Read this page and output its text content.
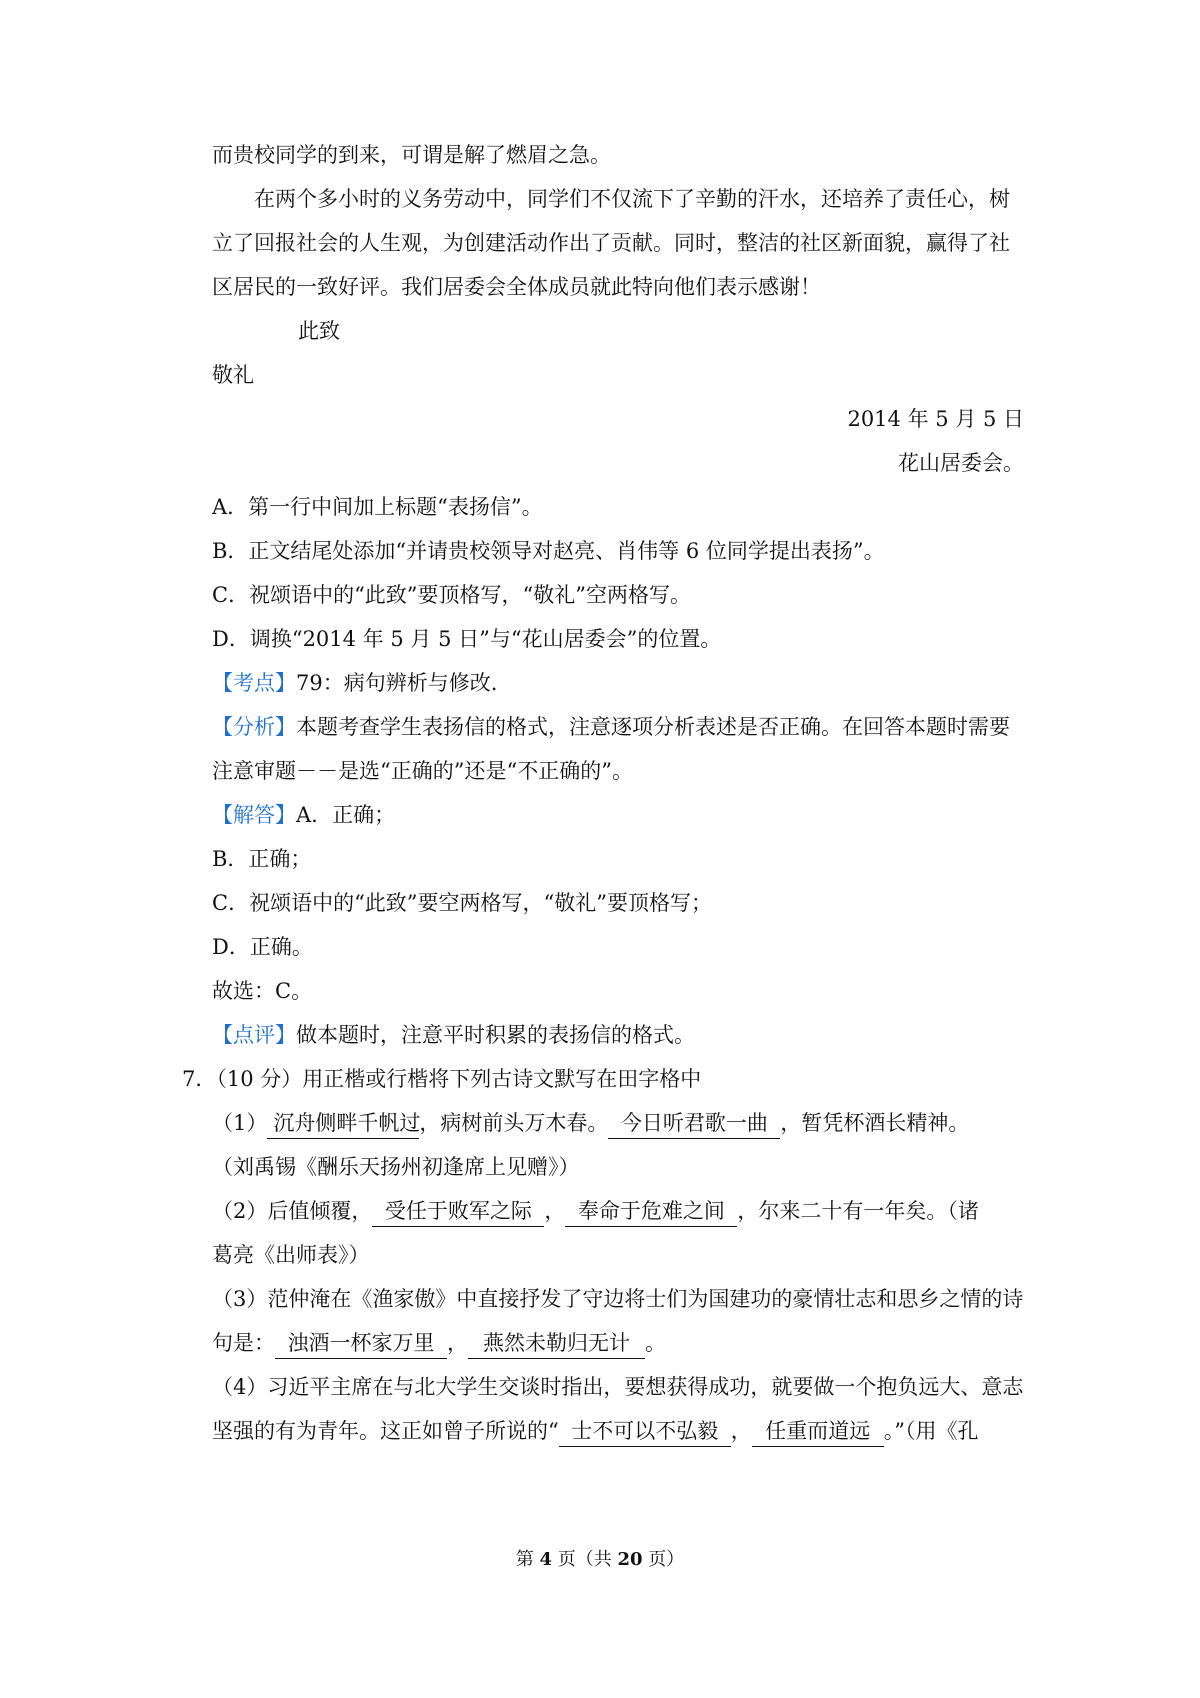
而贵校同学的到来，可谓是解了燃眉之急。
在两个多小时的义务劳动中，同学们不仅流下了辛勤的汗水，还培养了责任心，树
立了回报社会的人生观，为创建活动作出了贡献。同时，整洁的社区新面貌，赢得了社
区居民的一致好评。我们居委会全体成员就此特向他们表示感谢！
此致
敬礼
2014 年 5 月 5 日
花山居委会。
A．第一行中间加上标题“表扬信”。
B．正文结尾处添加“并请贵校领导对赵亮、肖伟等 6 位同学提出表扬”。
C．祝颂语中的“此致”要顶格写，“敬礼”空两格写。
D．调换“2014 年 5 月 5 日”与“花山居委会”的位置。
【考点】79：病句辨析与修改.
【分析】本题考查学生表扬信的格式，注意逐项分析表述是否正确。在回答本题时需要
注意审题－－是选“正确的”还是“不正确的”。
【解答】A．正确；
B．正确；
C．祝颂语中的“此致”要空两格写，“敬礼”要顶格写；
D．正确。
故选：C。
【点评】做本题时，注意平时积累的表扬信的格式。
7．（10 分）用正楷或行楷将下列古诗文默写在田字格中
（1） 沉舟侧畔千帆过，病树前头万木春。 今日听君歌一曲 ，暂凭杯酒长精神。
（刘禹锡《酬乐天扬州初逢席上见赠》）
（2）后值倾覆， 受任于败军之际 ， 奉命于危难之间 ，尔来二十有一年矣。（诸
葛亮《出师表》）
（3）范仲淹在《渔家傲》中直接抒发了守边将士们为国建功的豪情壮志和思乡之情的诗
句是： 浊酒一杯家万里 ， 燕然未勒归无计 。
（4）习近平主席在与北大学生交谈时指出，要想获得成功，就要做一个抱负远大、意志
坚强的有为青年。这正如曾子所说的“ 士不可以不弘毅 ， 任重而道远 。”（用《孔
第 4 页（共 20 页）
